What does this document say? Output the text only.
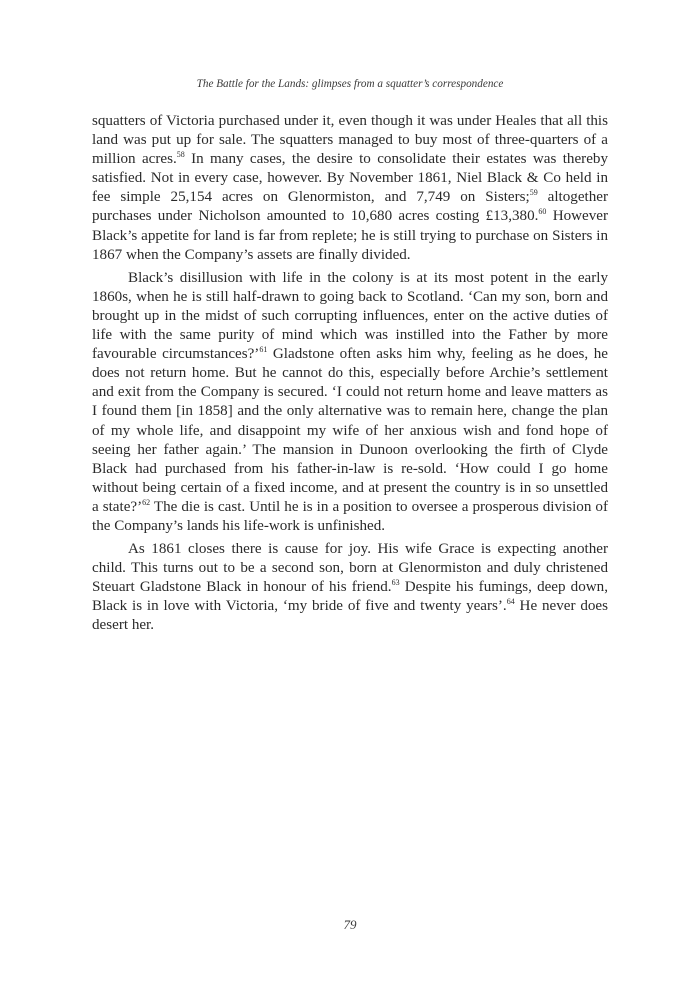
The Battle for the Lands: glimpses from a squatter’s correspondence

squatters of Victoria purchased under it, even though it was under Heales that all this land was put up for sale. The squatters managed to buy most of three-quarters of a million acres.$^{58}$ In many cases, the desire to consolidate their estates was thereby satisfied. Not in every case, however. By November 1861, Niel Black & Co held in fee simple 25,154 acres on Glenormiston, and 7,749 on Sisters;$^{59}$ altogether purchases under Nicholson amounted to 10,680 acres costing £13,380.60 However Black’s appetite for land is far from replete; he is still trying to purchase on Sisters in 1867 when the Company’s assets are finally divided.

Black’s disillusion with life in the colony is at its most potent in the early 1860s, when he is still half-drawn to going back to Scotland. ‘Can my son, born and brought up in the midst of such corrupting influences, enter on the active duties of life with the same purity of mind which was instilled into the Father by more favourable circumstances?’$^{61}$ Gladstone often asks him why, feeling as he does, he does not return home. But he cannot do this, especially before Archie’s settlement and exit from the Company is secured. ‘I could not return home and leave matters as I found them [in 1858] and the only alternative was to remain here, change the plan of my whole life, and disappoint my wife of her anxious wish and fond hope of seeing her father again.’ The mansion in Dunoon overlooking the firth of Clyde Black had purchased from his father-in-law is re-sold. ‘How could I go home without being certain of a fixed income, and at present the country is in so unsettled a state?’$^{62}$ The die is cast. Until he is in a position to oversee a prosperous division of the Company’s lands his life-work is unfinished.

As 1861 closes there is cause for joy. His wife Grace is expecting another child. This turns out to be a second son, born at Glenormiston and duly christened Steuart Gladstone Black in honour of his friend.$^{63}$ Despite his fumings, deep down, Black is in love with Victoria, ‘my bride of five and twenty years’.$^{64}$ He never does desert her.

79
